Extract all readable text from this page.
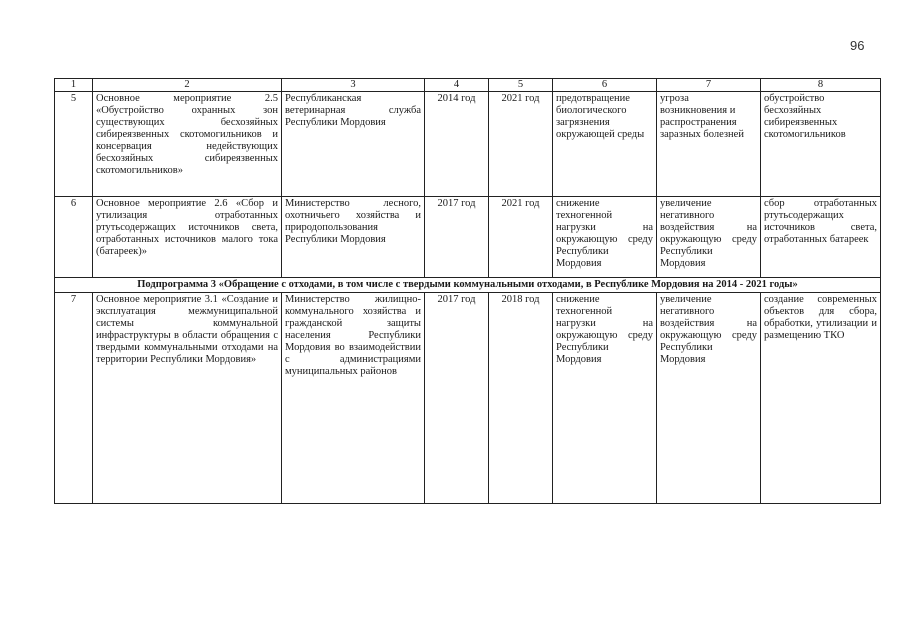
96
1	2	3	4	5	6	7	8
5	Основное мероприятие 2.5 «Обустройство охранных зон существующих бесхозяйных сибиреязвенных скотомогильников и консервация недействующих бесхозяйных сибиреязвенных скотомогильников»	Республиканская ветеринарная служба Республики Мордовия	2014 год	2021 год	предотвращение биологического загрязнения окружающей среды	угроза возникновения и распространения заразных болезней	обустройство бесхозяйных сибиреязвенных скотомогильников
6	Основное мероприятие 2.6 «Сбор и утилизация отработанных ртутьсодержащих источников света, отработанных источников малого тока (батареек)»	Министерство лесного, охотничьего хозяйства и природопользования Республики Мордовия	2017 год	2021 год	снижение техногенной нагрузки на окружающую среду Республики Мордовия	увеличение негативного воздействия на окружающую среду Республики Мордовия	сбор отработанных ртутьсодержащих источников света, отработанных батареек
Подпрограмма 3 «Обращение с отходами, в том числе с твердыми коммунальными отходами, в Республике Мордовия на 2014 - 2021 годы»							
7	Основное мероприятие 3.1 «Создание и эксплуатация межмуниципальной системы коммунальной инфраструктуры в области обращения с твердыми коммунальными отходами на территории Республики Мордовия»	Министерство жилищно-коммунального хозяйства и гражданской защиты населения Республики Мордовия во взаимодействии с администрациями муниципальных районов	2017 год	2018 год	снижение техногенной нагрузки на окружающую среду Республики Мордовия	увеличение негативного воздействия на окружающую среду Республики Мордовия	создание современных объектов для сбора, обработки, утилизации и размещению ТКО
